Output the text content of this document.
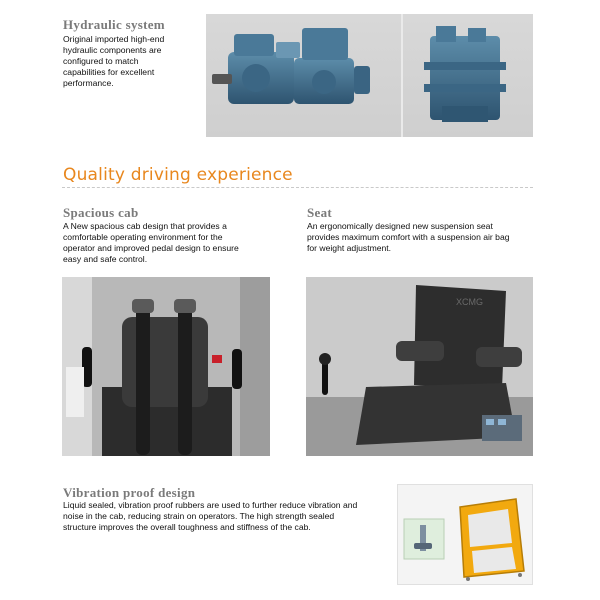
Hydraulic system
Original imported high-end
hydraulic components are
configured to match
capabilities for excellent
performance.
Quality driving experience
Spacious cab
A New spacious cab design that provides a
comfortable operating environment for the
operator and improved pedal design to ensure
easy and safe control.
Seat
An ergonomically designed new suspension seat
provides maximum comfort with a suspension air bag
for weight adjustment.
XCMG
Vibration proof design
Liquid sealed, vibration proof rubbers are used to further reduce vibration and
noise in the cab, reducing strain on operators. The high strength sealed
structure improves the overall toughness and stiffness of the cab.
